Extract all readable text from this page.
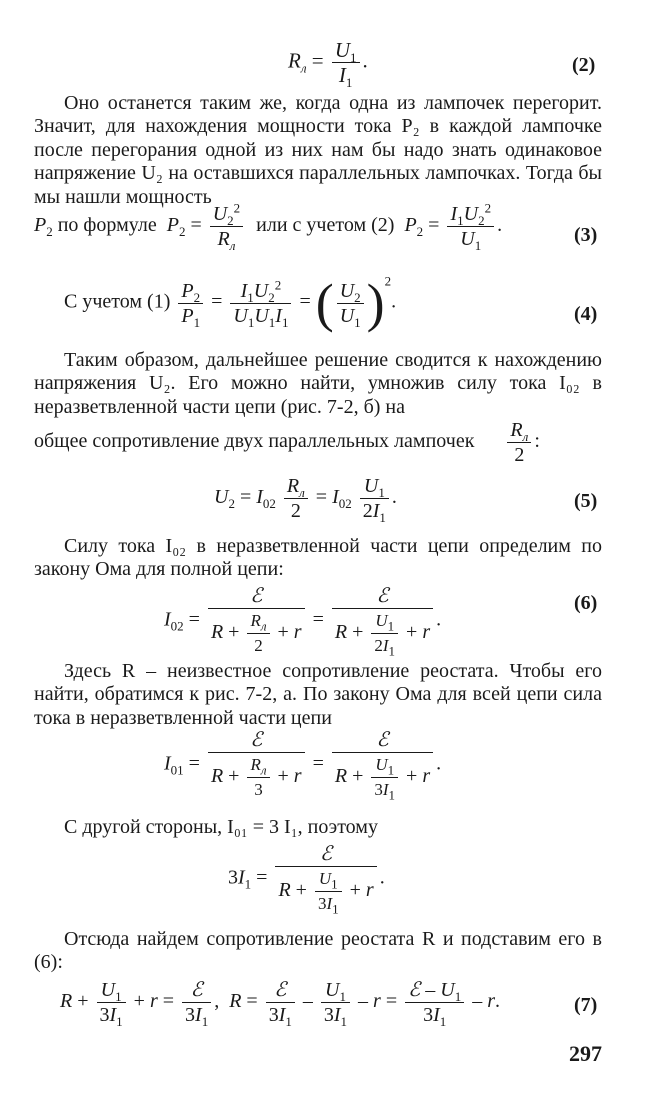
$R_л = \frac{U_1}{I_1}$ .	(2)
Оно останется таким же, когда одна из лампочек перегорит. Значит, для нахождения мощности тока P₂ в каждой лампочке после перегорания одной из них нам бы надо знать одинаковое напряжение U₂ на оставшихся параллельных лампочках. Тогда бы мы нашли мощность
$P_2$ по формуле $P_2 = \frac{U_2^2}{R_л}$ или с учетом (2) $P_2 = \frac{I_1U_2^2}{U_1}$ .	(3)
С учетом $(1) \frac{P_2}{P_1} = \frac{I_1U_2^2}{U_1U_1I_1}$ = ( $\frac{U_2}{U_1} )^2$.
(4)
Таким образом, дальнейшее решение сводится к нахождению напряжения U₂. Его можно найти, умножив силу тока I₀₂ в неразветвленной части цепи (рис. 7-2, б) на
общее сопротивление двух параллельных лампочек $\frac{R_л}{2}$ :
$U_2 = I_{02} \frac{R_л}{2} = I_{02} \frac{U_1}{2I_1}$ .	(5)
Силу тока I₀₂ в неразветвленной части цепи определим по закону Ома для полной цепи:
$I_{02} = \frac{\text{ℰ}}{R + \frac{R_л}{2} + r} = \frac{\text{ℰ}}{R + \frac{U_1}{2I_1} + r}$ .
(6)
Здесь R – неизвестное сопротивление реостата. Чтобы его найти, обратимся к рис. 7-2, а. По закону Ома для всей цепи сила тока в неразветвленной части цепи
$I_{01} = \frac{\text{ℰ}}{R + \frac{R_л}{3} + r} = \frac{\text{ℰ}}{R + \frac{U_1}{3I_1} + r}$ .
С другой стороны, I₀₁ = 3 I₁, поэтому
$3I_1 = \frac{\text{ℰ}}{R + \frac{U_1}{3I_1} + r}$ .
Отсюда найдем сопротивление реостата R и подставим его в (6):
$R + \frac{U_1}{3I_1} + r = \frac{\text{ℰ}}{3I_1}$ ,  $R = \frac{\text{ℰ}}{3I_1} - \frac{U_1}{3I_1} - r = \frac{ℰ - U_1}{3I_1} - r$.	(7)
297
